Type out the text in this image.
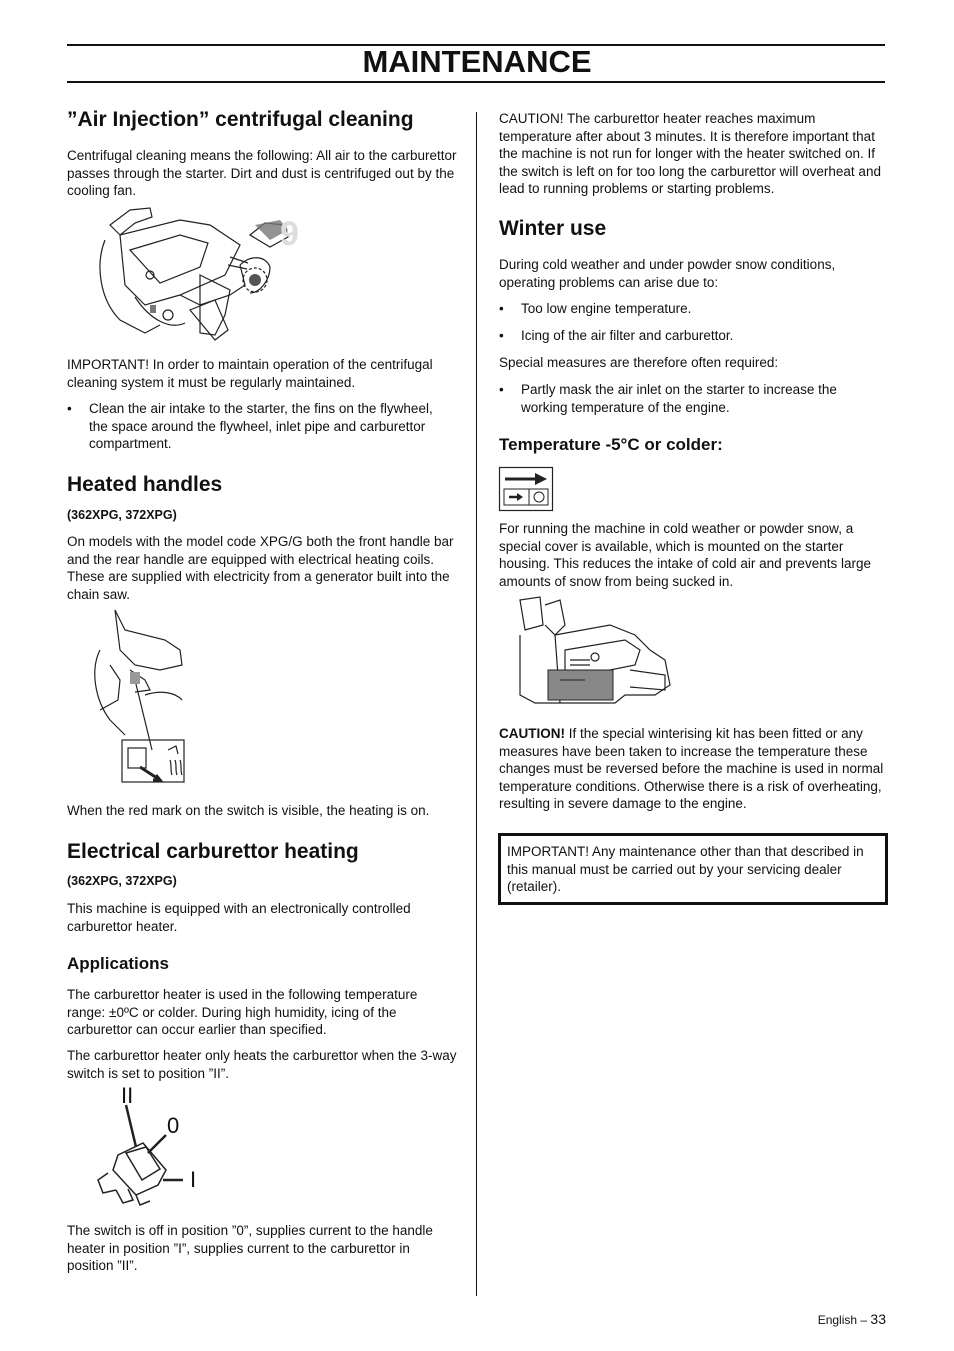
MAINTENANCE
”Air Injection” centrifugal cleaning
Centrifugal cleaning means the following: All air to the carburettor passes through the starter. Dirt and dust is centrifuged out by the cooling fan.
9
IMPORTANT! In order to maintain operation of the centrifugal cleaning system it must be regularly maintained.
• Clean the air intake to the starter, the fins on the flywheel, the space around the flywheel, inlet pipe and carburettor compartment.
Heated handles
(362XPG, 372XPG)
On models with the model code XPG/G both the front handle bar and the rear handle are equipped with electrical heating coils. These are supplied with electricity from a generator built into the chain saw.
When the red mark on the switch is visible, the heating is on.
Electrical carburettor heating
(362XPG, 372XPG)
This machine is equipped with an electronically controlled carburettor heater.
Applications
The carburettor heater is used in the following temperature range: ±0ºC or colder. During high humidity, icing of the carburettor can occur earlier than specified.
The carburettor heater only heats the carburettor when the 3-way switch is set to position ”II”.
II
0
I
The switch is off in position ”0”, supplies current to the handle heater in position ”I”, supplies current to the carburettor in position ”II”.
CAUTION! The carburettor heater reaches maximum temperature after about 3 minutes. It is therefore important that the machine is not run for longer with the heater switched on. If the switch is left on for too long the carburettor will overheat and lead to running problems or starting problems.
Winter use
During cold weather and under powder snow conditions, operating problems can arise due to:
• Too low engine temperature.
• Icing of the air filter and carburettor.
Special measures are therefore often required:
• Partly mask the air inlet on the starter to increase the working temperature of the engine.
Temperature -5°C or colder:
For running the machine in cold weather or powder snow, a special cover is available, which is mounted on the starter housing. This reduces the intake of cold air and prevents large amounts of snow from being sucked in.
CAUTION! If the special winterising kit has been fitted or any measures have been taken to increase the temperature these changes must be reversed before the machine is used in normal temperature conditions. Otherwise there is a risk of overheating, resulting in severe damage to the engine.
IMPORTANT! Any maintenance other than that described in this manual must be carried out by your servicing dealer (retailer).
English – 33
